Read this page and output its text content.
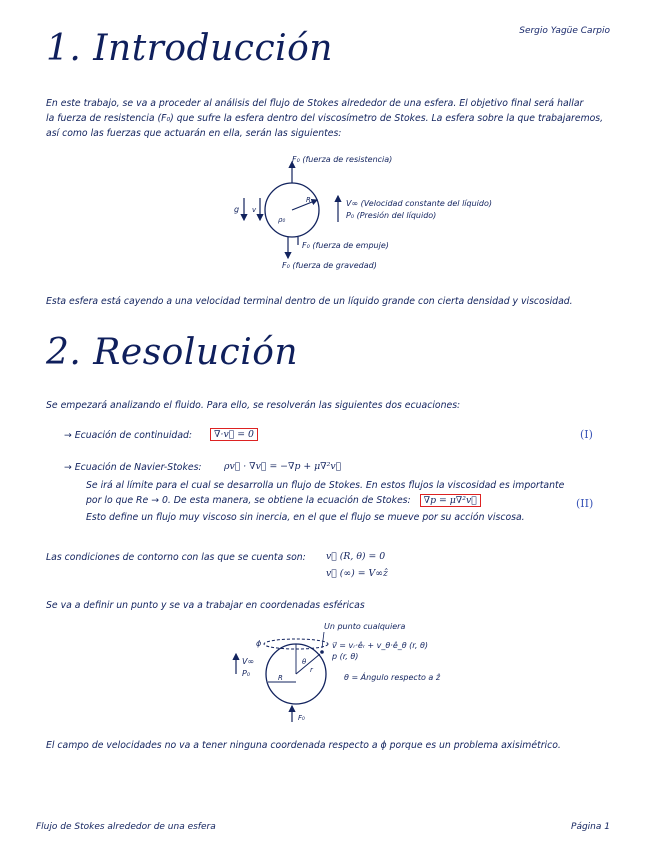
Sergio Yagüe Carpio
1. Introducción
En este trabajo, se va a proceder al análisis del flujo de Stokes alrededor de una esfera. El objetivo final será hallar
la fuerza de resistencia (F₀) que sufre la esfera dentro del viscosímetro de Stokes. La esfera sobre la que trabajaremos,
así como las fuerzas que actuarán en ella, serán las siguientes:
F₀ (fuerza de resistencia)
R
ρ₀
F₀ (fuerza de empuje)
F₀ (fuerza de gravedad)
g v
V∞ (Velocidad constante del líquido)
P₀ (Presión del líquido)
Esta esfera está cayendo a una velocidad terminal dentro de un líquido grande con cierta densidad y viscosidad.
2. Resolución
Se empezará analizando el fluido. Para ello, se resolverán las siguientes dos ecuaciones:
→ Ecuación de continuidad:	∇·v⃗ = 0	(I)
→ Ecuación de Navier-Stokes: ρv⃗ · ∇v⃗ = −∇p + μ∇²v⃗
Se irá al límite para el cual se desarrolla un flujo de Stokes. En estos flujos la viscosidad es importante
por lo que Re → 0. De esta manera, se obtiene la ecuación de Stokes: ∇p = μ∇²v⃗
Esto define un flujo muy viscoso sin inercia, en el que el flujo se mueve por su acción viscosa.
(II)
Las condiciones de contorno con las que se cuenta son: v⃗ (R, θ) = 0
v⃗ (∞) = V∞ẑ
Se va a definir un punto y se va a trabajar en coordenadas esféricas
ϕ
r
θ
R
Un punto cualquiera
v⃗ = vᵣ·êᵣ + v_θ·ê_θ (r, θ)
p (r, θ)
θ = Ángulo respecto a ẑ
V∞
P₀
F₀
El campo de velocidades no va a tener ninguna coordenada respecto a ϕ porque es un problema axisimétrico.
Flujo de Stokes alrededor de una esfera	Página 1
